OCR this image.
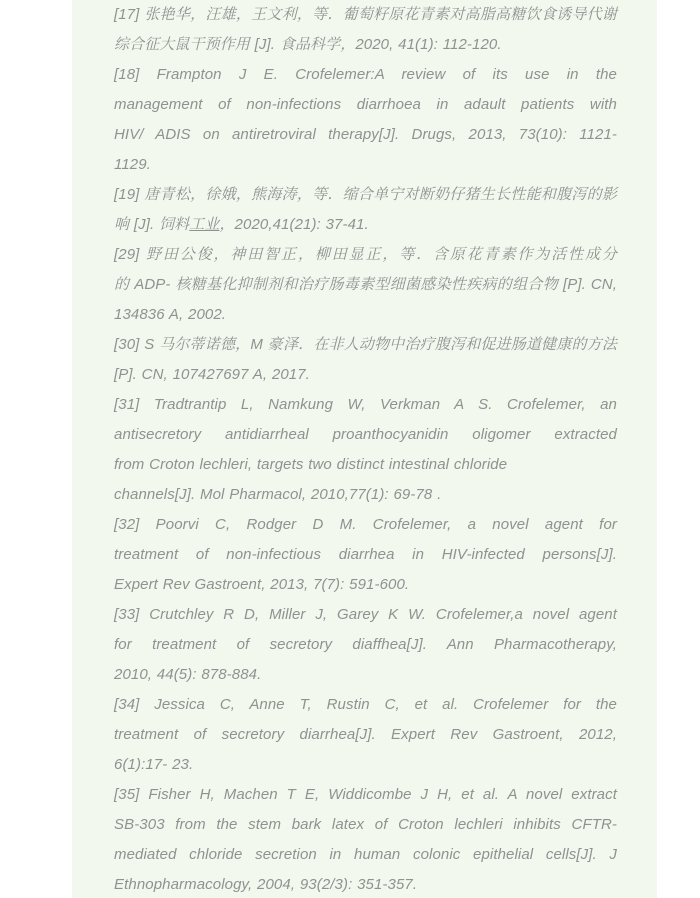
[17] 张艳华，汪雄，王文利，等．葡萄籽原花青素对高脂高糖饮食诱导代谢
综合征大鼠干预作用 [J]. 食品科学，2020, 41(1): 112-120.
[18] Frampton J E. Crofelemer:A review of its use in the
management of non-infections diarrhoea in adault patients with
HIV/ ADIS on antiretroviral therapy[J]. Drugs, 2013, 73(10): 1121-
1129.
[19] 唐青松，徐娥，熊海涛，等．缩合单宁对断奶仔猪生长性能和腹泻的影
响 [J]. 饲料工业，2020,41(21): 37-41.
[29] 野田公俊，神田智正，柳田显正，等．含原花青素作为活性成分
的 ADP- 核糖基化抑制剂和治疗肠毒素型细菌感染性疾病的组合物 [P]. CN,
134836 A, 2002.
[30] S 马尔蒂诺德，M 豪泽．在非人动物中治疗腹泻和促进肠道健康的方法
[P]. CN, 107427697 A, 2017.
[31] Tradtrantip L, Namkung W, Verkman A S. Crofelemer, an
antisecretory antidiarrheal proanthocyanidin oligomer extracted
from Croton lechleri, targets two distinct intestinal chloride
channels[J]. Mol Pharmacol, 2010,77(1): 69-78 .
[32] Poorvi C, Rodger D M. Crofelemer, a novel agent for
treatment of non-infectious diarrhea in HIV-infected persons[J].
Expert Rev Gastroent, 2013, 7(7): 591-600.
[33] Crutchley R D, Miller J, Garey K W. Crofelemer,a novel agent
for treatment of secretory diaffhea[J]. Ann Pharmacotherapy,
2010, 44(5): 878-884.
[34] Jessica C, Anne T, Rustin C, et al. Crofelemer for the
treatment of secretory diarrhea[J]. Expert Rev Gastroent, 2012,
6(1):17- 23.
[35] Fisher H, Machen T E, Widdicombe J H, et al. A novel extract
SB-303 from the stem bark latex of Croton lechleri inhibits CFTR-
mediated chloride secretion in human colonic epithelial cells[J]. J
Ethnopharmacology, 2004, 93(2/3): 351-357.
